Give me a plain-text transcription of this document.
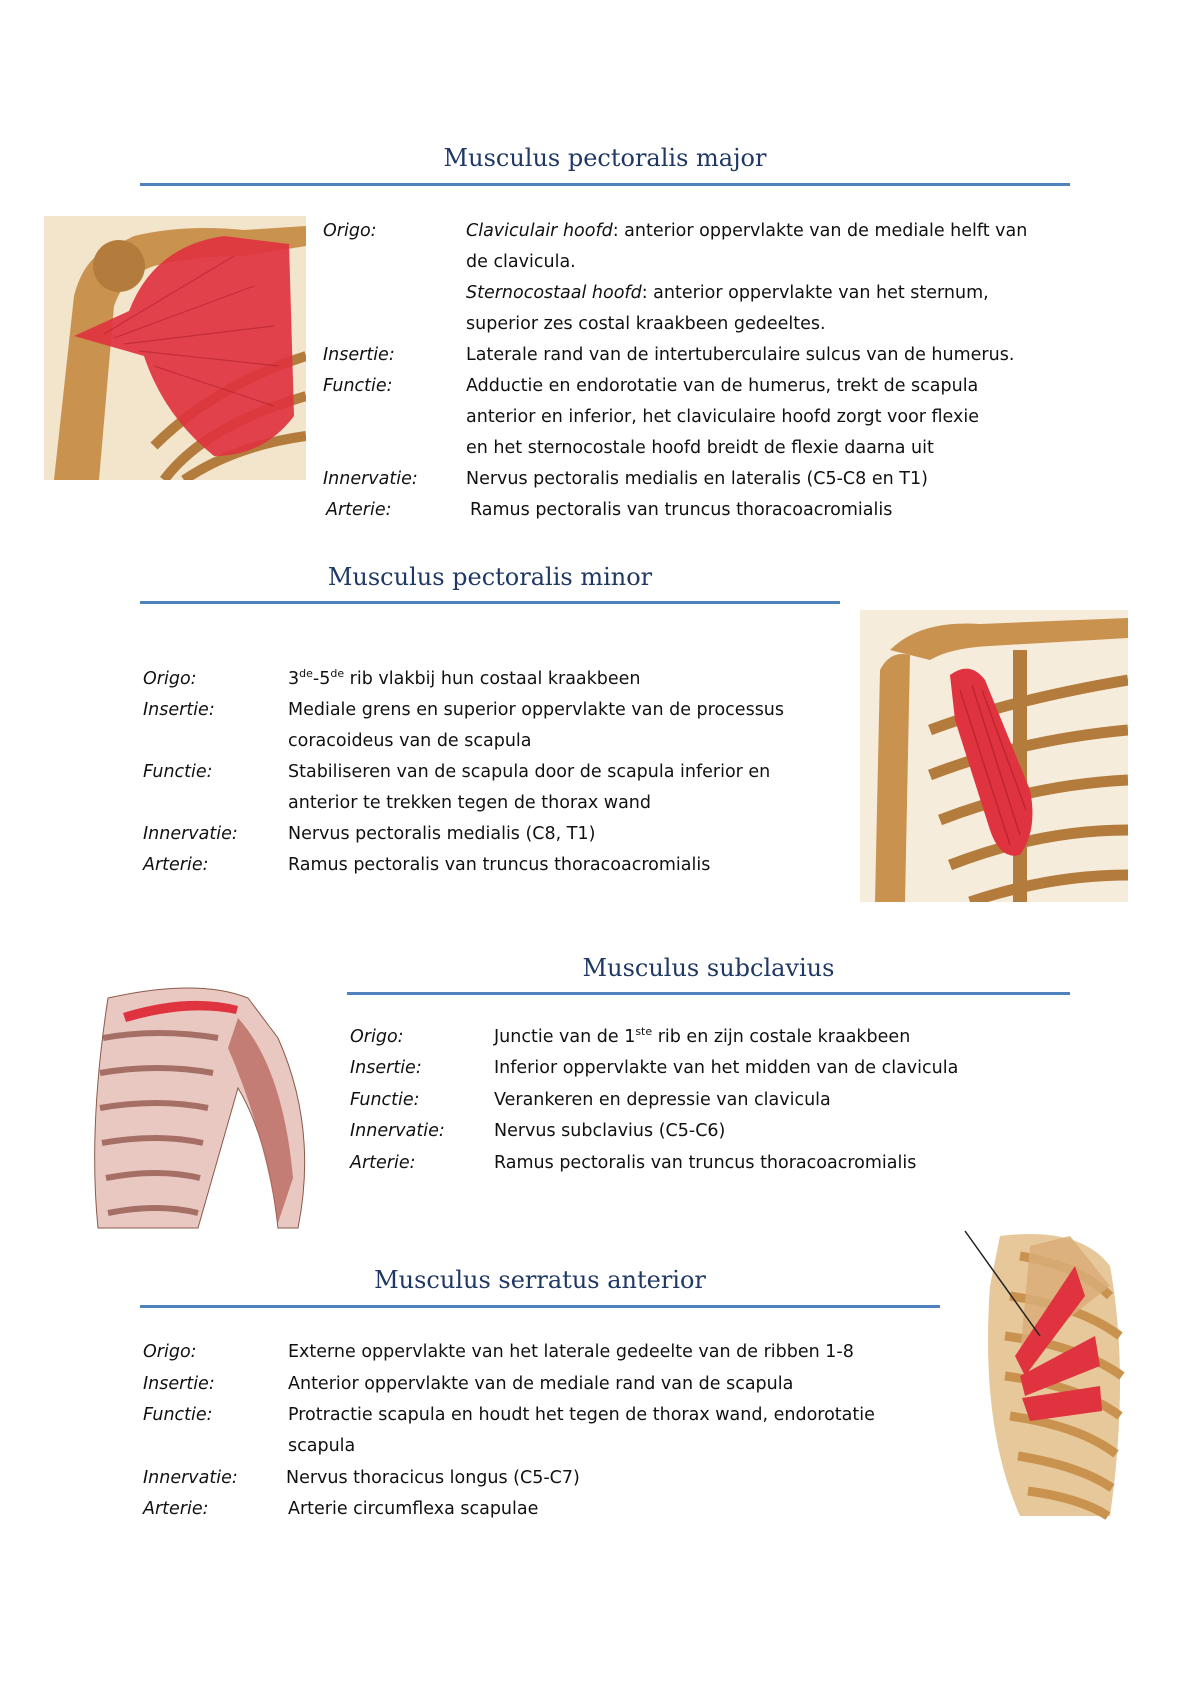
Musculus pectoralis major
Origo:	Claviculair hoofd: anterior oppervlakte van de mediale helft van
de clavicula.
Sternocostaal hoofd: anterior oppervlakte van het sternum,
superior zes costal kraakbeen gedeeltes.
Insertie:	Laterale rand van de intertuberculaire sulcus van de humerus.
Functie:	Adductie en endorotatie van de humerus, trekt de scapula
anterior en inferior, het claviculaire hoofd zorgt voor flexie
en het sternocostale hoofd breidt de flexie daarna uit
Innervatie:	Nervus pectoralis medialis en lateralis (C5-C8 en T1)
Arterie:	Ramus pectoralis van truncus thoracoacromialis
Musculus pectoralis minor
Origo:	3de-5de rib vlakbij hun costaal kraakbeen
Insertie:	Mediale grens en superior oppervlakte van de processus
coracoideus van de scapula
Functie:	Stabiliseren van de scapula door de scapula inferior en
anterior te trekken tegen de thorax wand
Innervatie:	Nervus pectoralis medialis (C8, T1)
Arterie:	Ramus pectoralis van truncus thoracoacromialis
Musculus subclavius
Origo:	Junctie van de 1ste rib en zijn costale kraakbeen
Insertie:	Inferior oppervlakte van het midden van de clavicula
Functie:	Verankeren en depressie van clavicula
Innervatie:	Nervus subclavius (C5-C6)
Arterie:	Ramus pectoralis van truncus thoracoacromialis
Musculus serratus anterior
Origo:	Externe oppervlakte van het laterale gedeelte van de ribben 1-8
Insertie:	Anterior oppervlakte van de mediale rand van de scapula
Functie:	Protractie scapula en houdt het tegen de thorax wand, endorotatie
scapula
Innervatie:	Nervus thoracicus longus (C5-C7)
Arterie:	Arterie circumflexa scapulae
